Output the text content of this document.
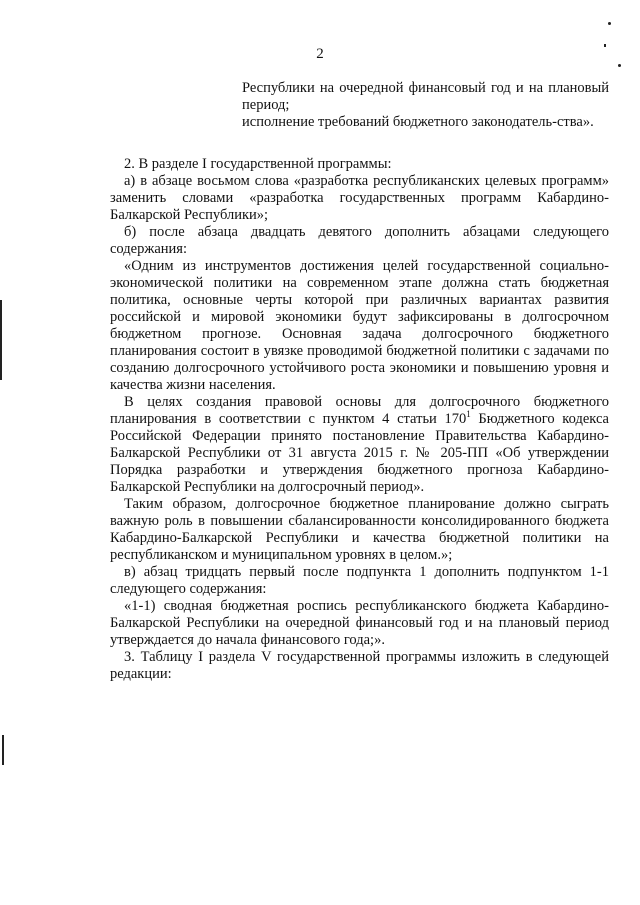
2

Республики на очередной финансовый год и на плановый период;

исполнение требований бюджетного законодатель-ства».

2. В разделе I государственной программы:

а) в абзаце восьмом слова «разработка республиканских целевых программ» заменить словами «разработка государственных программ Кабардино-Балкарской Республики»;

б) после абзаца двадцать девятого дополнить абзацами следующего содержания:

«Одним из инструментов достижения целей государственной социально-экономической политики на современном этапе должна стать бюджетная политика, основные черты которой при различных вариантах развития российской и мировой экономики будут зафиксированы в долгосрочном бюджетном прогнозе. Основная задача долгосрочного бюджетного планирования состоит в увязке проводимой бюджетной политики с задачами по созданию долгосрочного устойчивого роста экономики и повышению уровня и качества жизни населения.

В целях создания правовой основы для долгосрочного бюджетного планирования в соответствии с пунктом 4 статьи $170^1$ Бюджетного кодекса Российской Федерации принято постановление Правительства Кабардино-Балкарской Республики от 31 августа 2015 г. № 205-ПП «Об утверждении Порядка разработки и утверждения бюджетного прогноза Кабардино-Балкарской Республики на долгосрочный период».

Таким образом, долгосрочное бюджетное планирование должно сыграть важную роль в повышении сбалансированности консолидированного бюджета Кабардино-Балкарской Республики и качества бюджетной политики на республиканском и муниципальном уровнях в целом.»;

в) абзац тридцать первый после подпункта 1 дополнить подпунктом 1-1 следующего содержания:

«1-1) сводная бюджетная роспись республиканского бюджета Кабардино-Балкарской Республики на очередной финансовый год и на плановый период утверждается до начала финансового года;».

3. Таблицу I раздела V государственной программы изложить в следующей редакции:
